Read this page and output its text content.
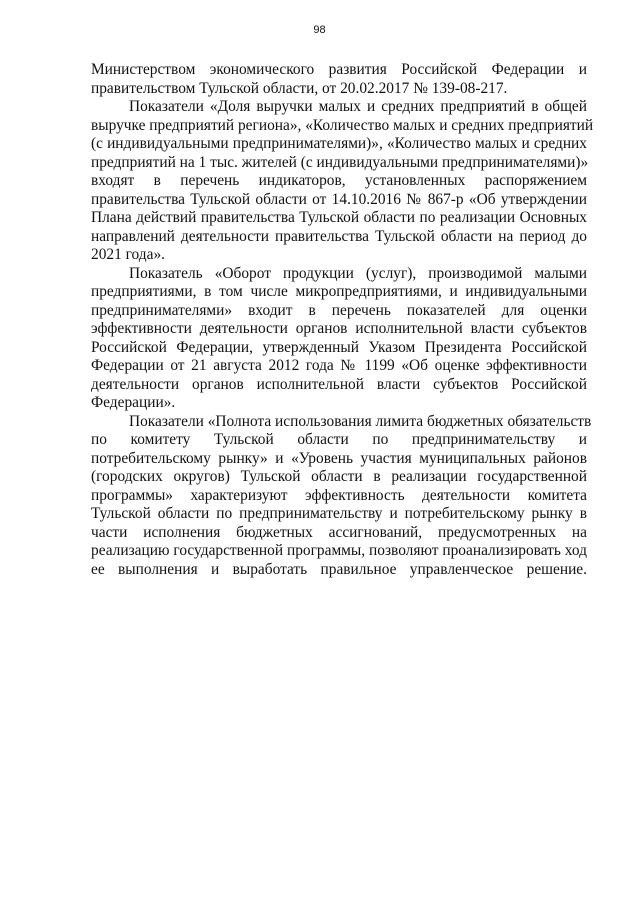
98
Министерством экономического развития Российской Федерации и
правительством Тульской области, от 20.02.2017 № 139-08-217.
Показатели «Доля выручки малых и средних предприятий в общей
выручке предприятий региона», «Количество малых и средних предприятий
(с индивидуальными предпринимателями)», «Количество малых и средних
предприятий на 1 тыс. жителей (с индивидуальными предпринимателями)»
входят в перечень индикаторов, установленных распоряжением
правительства Тульской области от 14.10.2016 № 867-р «Об утверждении
Плана действий правительства Тульской области по реализации Основных
направлений деятельности правительства Тульской области на период до
2021 года».
Показатель «Оборот продукции (услуг), производимой малыми
предприятиями, в том числе микропредприятиями, и индивидуальными
предпринимателями» входит в перечень показателей для оценки
эффективности деятельности органов исполнительной власти субъектов
Российской Федерации, утвержденный Указом Президента Российской
Федерации от 21 августа 2012 года № 1199 «Об оценке эффективности
деятельности органов исполнительной власти субъектов Российской
Федерации».
Показатели «Полнота использования лимита бюджетных обязательств
по комитету Тульской области по предпринимательству и
потребительскому рынку» и «Уровень участия муниципальных районов
(городских округов) Тульской области в реализации государственной
программы» характеризуют эффективность деятельности комитета
Тульской области по предпринимательству и потребительскому рынку в
части исполнения бюджетных ассигнований, предусмотренных на
реализацию государственной программы, позволяют проанализировать ход
ее выполнения и выработать правильное управленческое решение.
